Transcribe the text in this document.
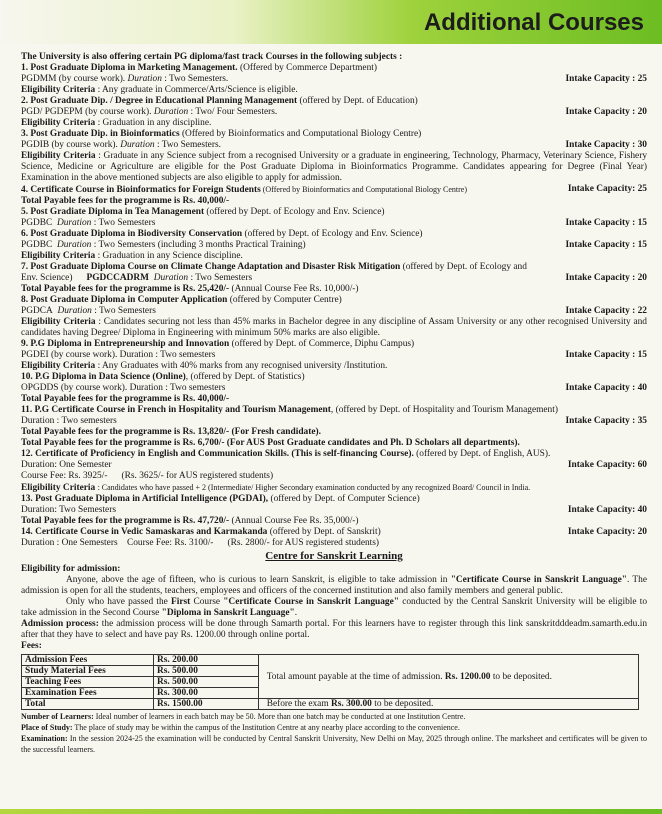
Additional Courses
The University is also offering certain PG diploma/fast track Courses in the following subjects :
1. Post Graduate Diploma in Marketing Management. (Offered by Commerce Department)
PGDMM (by course work). Duration : Two Semesters.	Intake Capacity : 25
Eligibility Criteria : Any graduate in Commerce/Arts/Science is eligible.
2. Post Graduate Dip. / Degree in Educational Planning Management (offered by Dept. of Education)
PGD/ PGDEPM (by course work). Duration : Two/ Four Semesters.	Intake Capacity : 20
Eligibility Criteria : Graduation in any discipline.
3. Post Graduate Dip. in Bioinformatics (Offered by Bioinformatics and Computational Biology Centre)
PGDIB (by course work). Duration : Two Semesters.	Intake Capacity : 30
Eligibility Criteria : Graduate in any Science subject from a recognised University or a graduate in engineering, Technology, Pharmacy, Veterinary Science, Fishery Science, Medicine or Agriculture are eligible for the Post Graduate Diploma in Bioinformatics Programme. Candidates appearing for Degree (Final Year) Examination in the above mentioned subjects are also eligible to apply for admission.
4. Certificate Course in Bioinformatics for Foreign Students (Offered by Bioinformatics and Computational Biology Centre)	Intake Capacity: 25
Total Payable fees for the programme is Rs. 40,000/-
5. Post Gradiate Diploma in Tea Management (offered by Dept. of Ecology and Env. Science)
PGDBC Duration : Two Semesters	Intake Capacity : 15
6. Post Graduate Diploma in Biodiversity Conservation (offered by Dept. of Ecology and Env. Science)
PGDBC Duration : Two Semesters (including 3 months Practical Training)	Intake Capacity : 15
Eligibility Criteria : Graduation in any Science discipline.
7. Post Graduate Diploma Course on Climate Change Adaptation and Disaster Risk Mitigation (offered by Dept. of Ecology and
Env. Science) PGDCCADRM Duration : Two Semesters	Intake Capacity : 20
Total Payable fees for the programme is Rs. 25,420/- (Annual Course Fee Rs. 10,000/-)
8. Post Graduate Diploma in Computer Application (offered by Computer Centre)
PGDCA Duration : Two Semesters	Intake Capacity : 22
Eligibility Criteria : Candidates securing not less than 45% marks in Bachelor degree in any discipline of Assam University or any other recognised University and candidates having Degree/ Diploma in Engineering with minimum 50% marks are also eligible.
9. P.G Diploma in Entrepreneurship and Innovation (offered by Dept. of Commerce, Diphu Campus)
PGDEI (by course work). Duration : Two semesters	Intake Capacity : 15
Eligibility Criteria : Any Graduates with 40% marks from any recognised university /Institution.
10. P.G Diploma in Data Science (Online), (offered by Dept. of Statistics)
OPGDDS (by course work). Duration : Two semesters	Intake Capacity : 40
Total Payable fees for the programme is Rs. 40,000/-
11. P.G Certificate Course in French in Hospitality and Tourism Management, (offered by Dept. of Hospitality and Tourism Management)
Duration : Two semesters	Intake Capacity : 35
Total Payable fees for the programme is Rs. 13,820/- (For Fresh candidate).
Total Payable fees for the programme is Rs. 6,700/- (For AUS Post Graduate candidates and Ph. D Scholars all departments).
12. Certificate of Proficiency in English and Communication Skills. (This is self-financing Course). (offered by Dept. of English, AUS).
Duration: One Semester	Intake Capacity: 60
Course Fee: Rs. 3925/- (Rs. 3625/- for AUS registered students)
Eligibility Criteria : Candidates who have passed + 2 (Intermediate/ Higher Secondary examination conducted by any recognized Board/ Council in India.
13. Post Graduate Diploma in Artificial Intelligence (PGDAI), (offered by Dept. of Computer Science)
Duration: Two Semesters	Intake Capacity: 40
Total Payable fees for the programme is Rs. 47,720/- (Annual Course Fee Rs. 35,000/-)
14. Certificate Course in Vedic Samaskaras and Karmakanda (offered by Dept. of Sanskrit)	Intake Capacity: 20
Duration : One Semesters Course Fee: Rs. 3100/- (Rs. 2800/- for AUS registered students)
Centre for Sanskrit Learning
Eligibility for admission:
Anyone, above the age of fifteen, who is curious to learn Sanskrit, is eligible to take admission in "Certificate Course in Sanskrit Language". The admission is open for all the students, teachers, employees and officers of the concerned institution and also family members and general public.
Only who have passed the First Course "Certificate Course in Sanskrit Language" conducted by the Central Sanskrit University will be eligible to take admission in the Second Course "Diploma in Sanskrit Language".
Admission process: the admission process will be done through Samarth portal. For this learners have to register through this link sanskritdddeadm.samarth.edu.in after that they have to select and have pay Rs. 1200.00 through online portal.
Fees:
Admission Fees	Rs. 200.00	Total amount payable at the time of admission. Rs. 1200.00 to be deposited.
Study Material Fees	Rs. 500.00	
Teaching Fees	Rs. 500.00	
Examination Fees	Rs. 300.00	
Total	Rs. 1500.00	Before the exam Rs. 300.00 to be deposited.
Number of Learners: Ideal number of learners in each batch may be 50. More than one batch may be conducted at one Institution Centre.
Place of Study: The place of study may be within the campus of the Institution Centre at any nearby place according to the convenience.
Examination: In the session 2024-25 the examination will be conducted by Central Sanskrit University, New Delhi on May, 2025 through online. The marksheet and certificates will be given to the successful learners.
